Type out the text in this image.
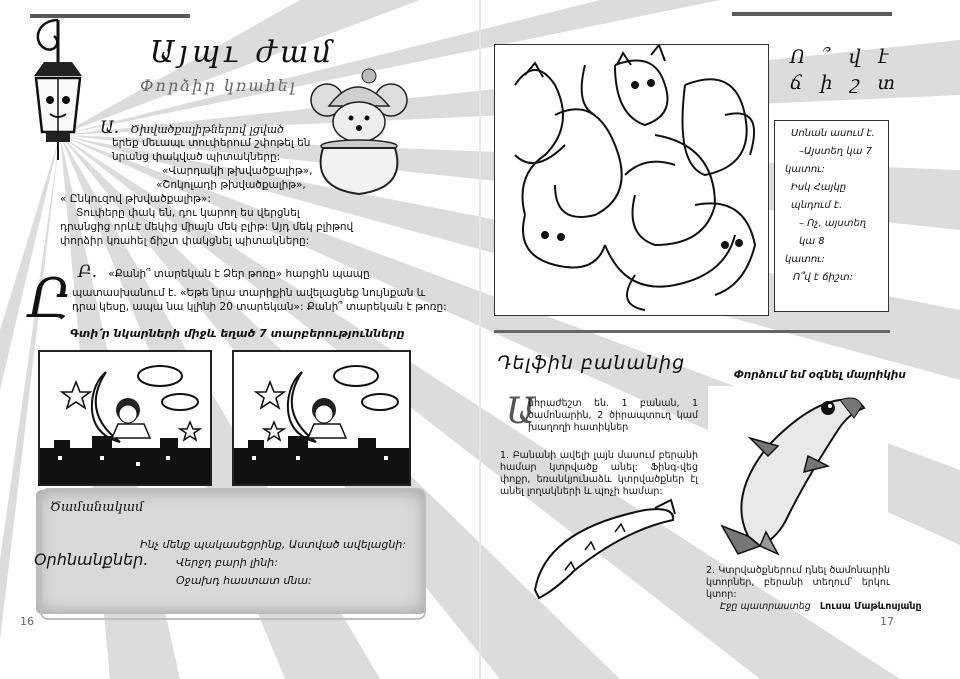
Այպւ ժամ
Փորձիր կռահել
Ա. Ծխվածքալիթներով լցված
երեք մեւապւ տուփերում շփոթել են
նրանց փակված պիտակները:
«Վարդակի թխվածքալիթ»,
«Շոկոլադի թխվածքալիթ»,
« Ընկուզով թխվածքալիթ»:
Տուփերը փակ են, դու կարող ես վերցնել
դրանցից որևէ մեկից միայն մեկ բլիթ: Այդ մեկ բլիթով
փորձիր կռահել ճիշտ փակցնել պիտակները:
Բ. «Քանի՞ տարեկան է Ձեր թոռը» հարցին պապը
Ը պատասխանում է. «Եթե նրա տարիքին ավելացնեք նույնքան և
դրա կեսը, ապա նա կլինի 20 տարեկան»: Քանի՞ տարեկան է թոռը:
Գտի՛ր նկարների միջև եղած 7 տարբերությունները
Ծամանակամ
Օրհնանքներ.
Ինչ մենք պակասեցրինք, Աստված ավելացնի:
Վերջդ բարի լինի:
Օջախդ հաստատ մնա:
16
Ո ՞ վ է
ճ ի շ տ
Սոնան ասում է.
–Այստեղ կա 7
կատու:
Իսկ Հայկը պնդում է.
– Ոչ, այստեղ կա 8
կատու:
Ո՞վ է ճիշտ:
Դելֆին բանանից
Փորձում եմ օգնել մայրիկիս
Ա
նհրաժեշտ են. 1 բանան, 1 ծամոնարին, 2 ծիրապտուղ կամ խաղողի հատիկներ
1. Բանանի ավելի լայն մասում բերանի համար կտրվածք անել: Ֆինգ-վեց փոքր, եռանկյունաձև կտրվածքներ էլ անել լողակների և պոչի համար:
2. Կտրվածքներում դնել ծամոնարին կտորներ, բերանի տեղում՝ երկու կտոր:
Էջը պատրաստեց Լուսա Մաթևոսյանը
17
